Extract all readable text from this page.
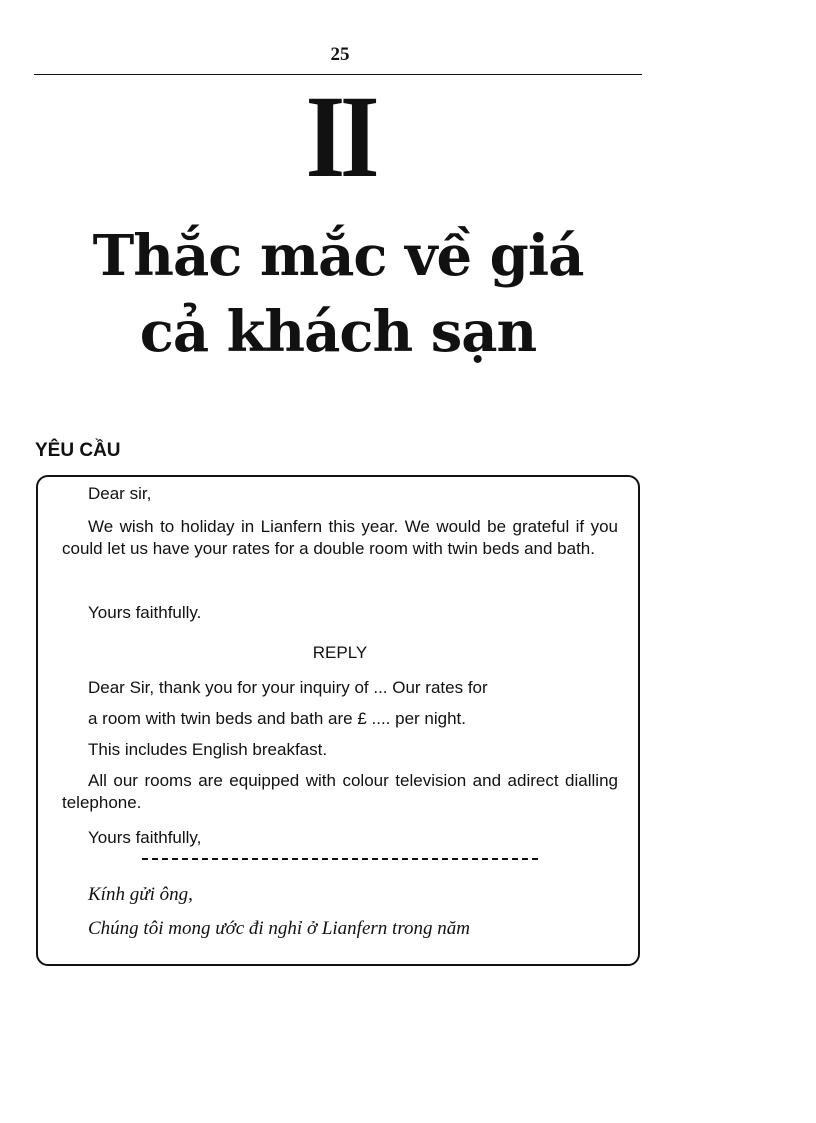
25
II
Thắc mắc về giá
cả khách sạn
YÊU CẦU

Dear sir,

We wish to holiday in Lianfern this year. We would be grateful if you could let us have your rates for a double room with twin beds and bath.

Yours faithfully.

REPLY

Dear Sir, thank you for your inquiry of ... Our rates for

a room with twin beds and bath are £ .... per night.

This includes English breakfast.

All our rooms are equipped with colour television and adirect dialling telephone.

Yours faithfully,

Kính gửi ông,

Chúng tôi mong ước đi nghỉ ở Lianfern trong năm
